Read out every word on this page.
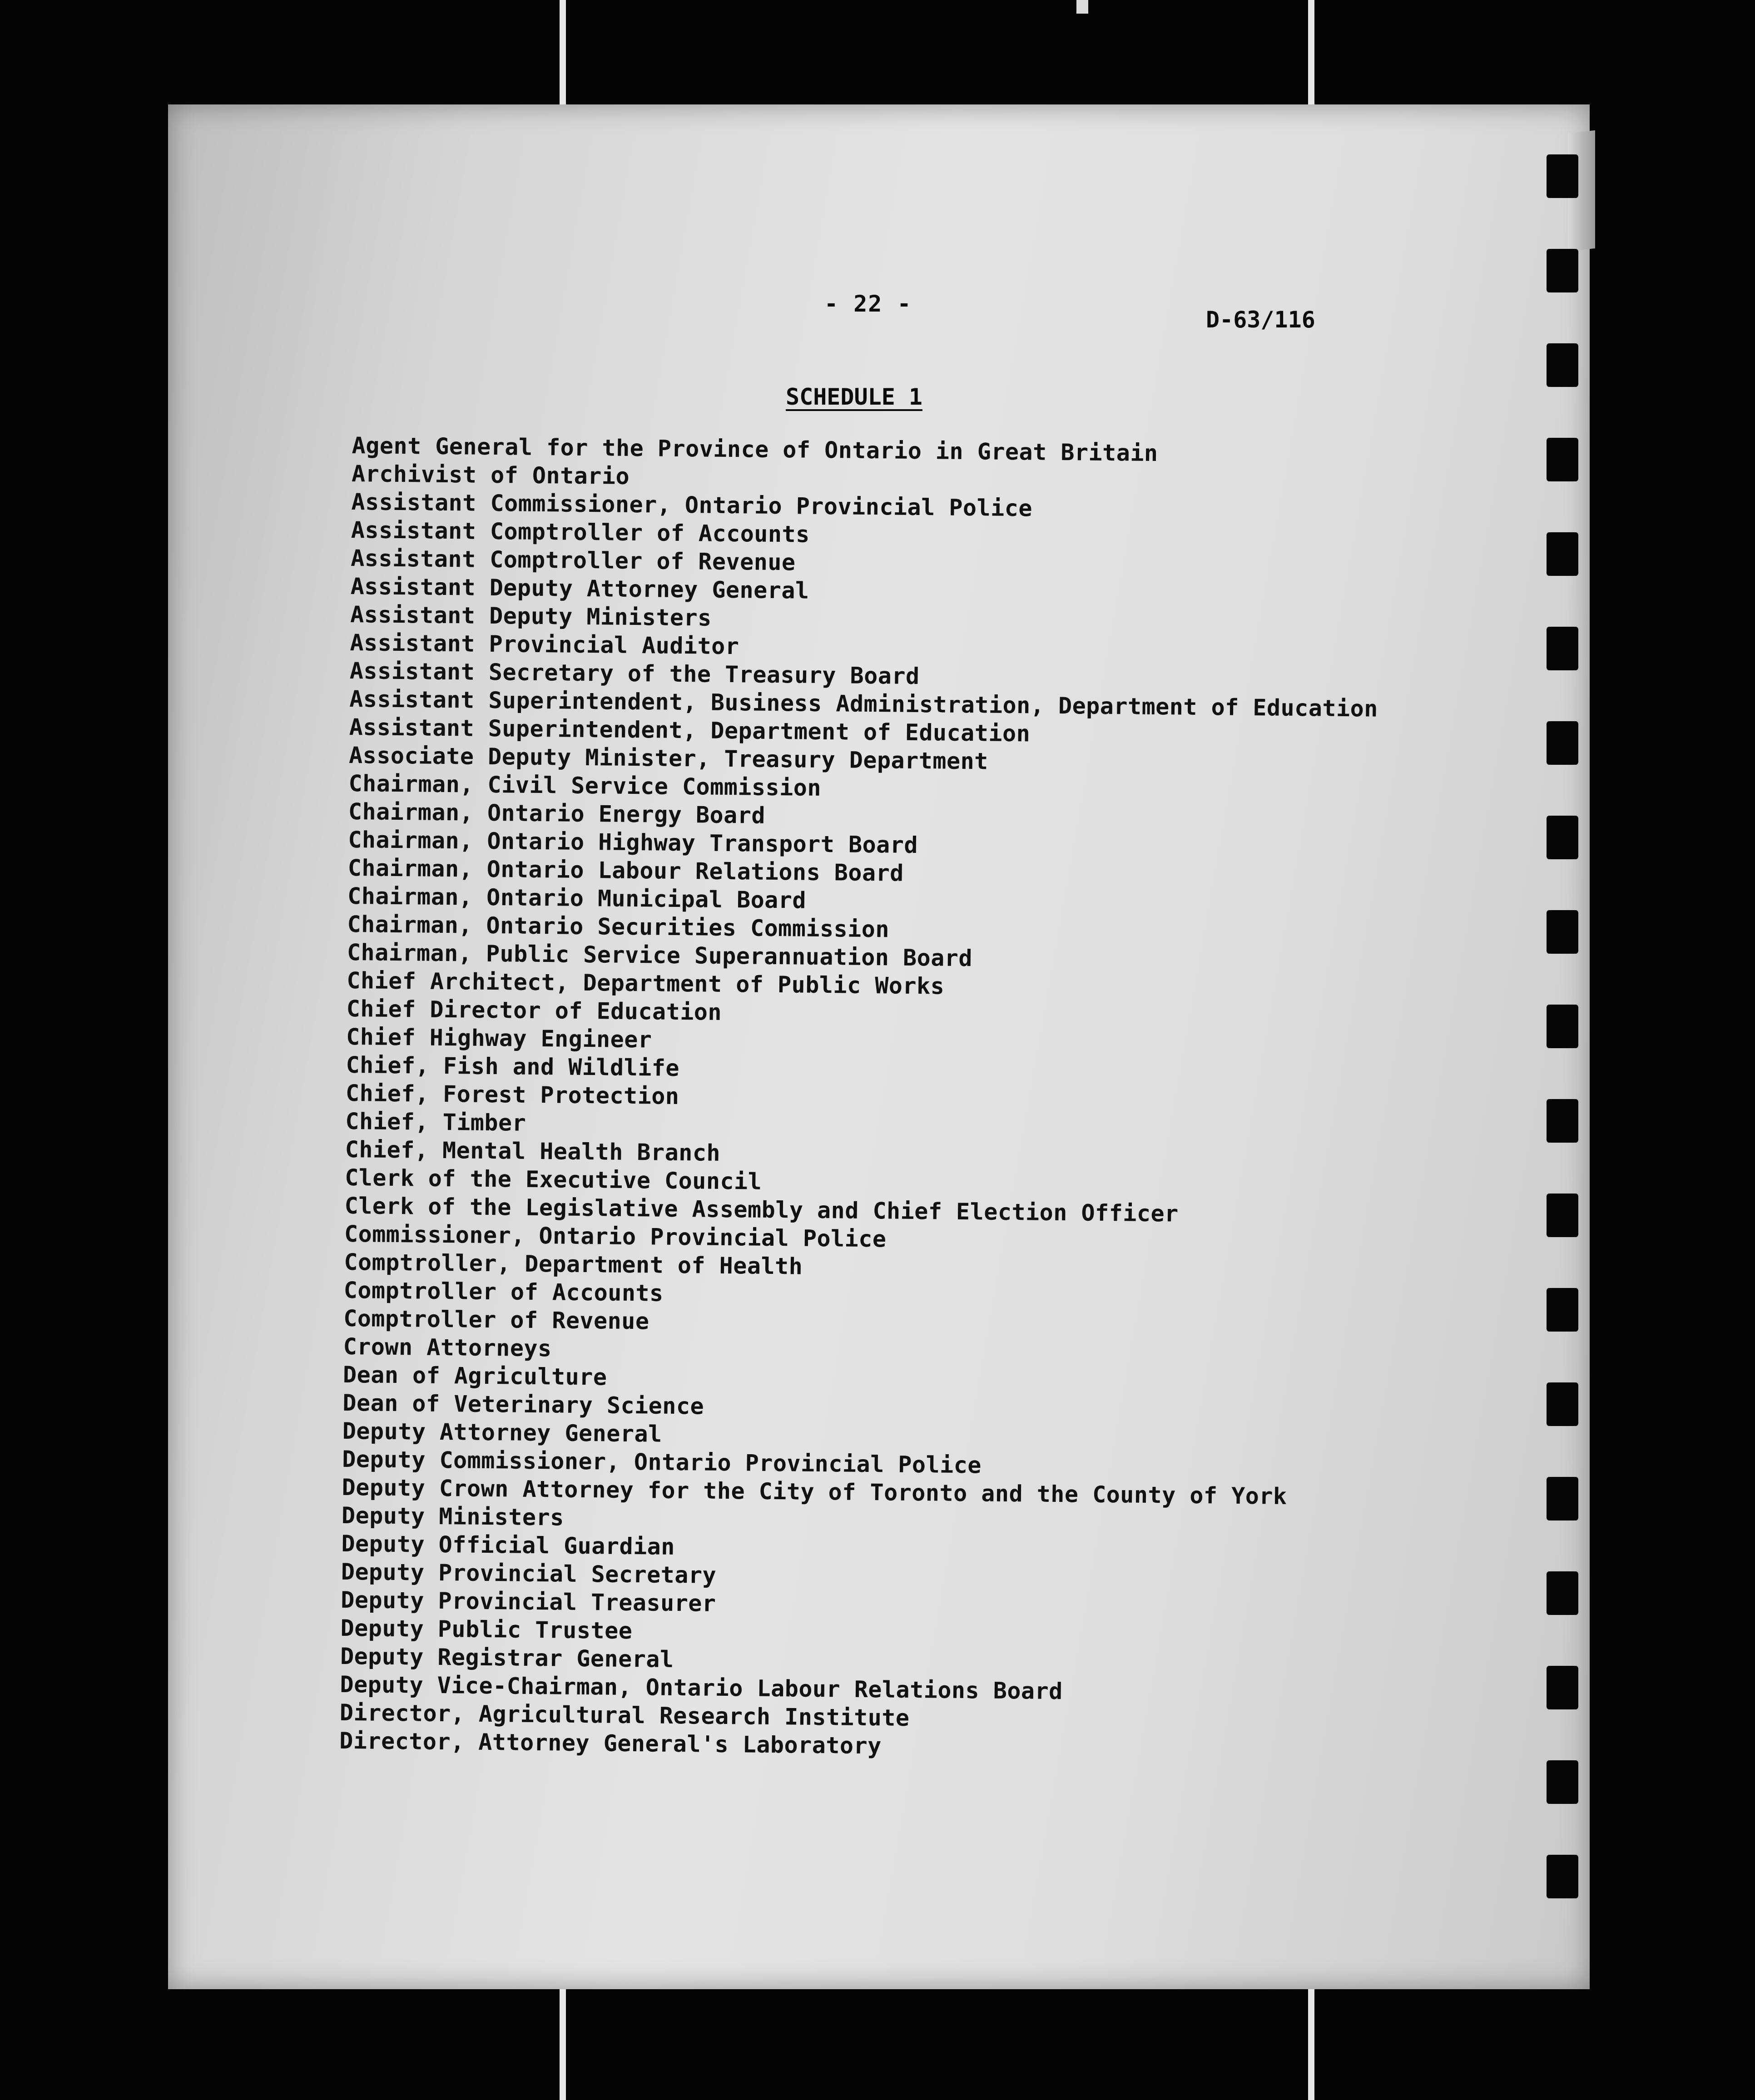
- 22 -
D-63/116
SCHEDULE 1
Agent General for the Province of Ontario in Great Britain
Archivist of Ontario
Assistant Commissioner, Ontario Provincial Police
Assistant Comptroller of Accounts
Assistant Comptroller of Revenue
Assistant Deputy Attorney General
Assistant Deputy Ministers
Assistant Provincial Auditor
Assistant Secretary of the Treasury Board
Assistant Superintendent, Business Administration, Department of Education
Assistant Superintendent, Department of Education
Associate Deputy Minister, Treasury Department
Chairman, Civil Service Commission
Chairman, Ontario Energy Board
Chairman, Ontario Highway Transport Board
Chairman, Ontario Labour Relations Board
Chairman, Ontario Municipal Board
Chairman, Ontario Securities Commission
Chairman, Public Service Superannuation Board
Chief Architect, Department of Public Works
Chief Director of Education
Chief Highway Engineer
Chief, Fish and Wildlife
Chief, Forest Protection
Chief, Timber
Chief, Mental Health Branch
Clerk of the Executive Council
Clerk of the Legislative Assembly and Chief Election Officer
Commissioner, Ontario Provincial Police
Comptroller, Department of Health
Comptroller of Accounts
Comptroller of Revenue
Crown Attorneys
Dean of Agriculture
Dean of Veterinary Science
Deputy Attorney General
Deputy Commissioner, Ontario Provincial Police
Deputy Crown Attorney for the City of Toronto and the County of York
Deputy Ministers
Deputy Official Guardian
Deputy Provincial Secretary
Deputy Provincial Treasurer
Deputy Public Trustee
Deputy Registrar General
Deputy Vice-Chairman, Ontario Labour Relations Board
Director, Agricultural Research Institute
Director, Attorney General's Laboratory
